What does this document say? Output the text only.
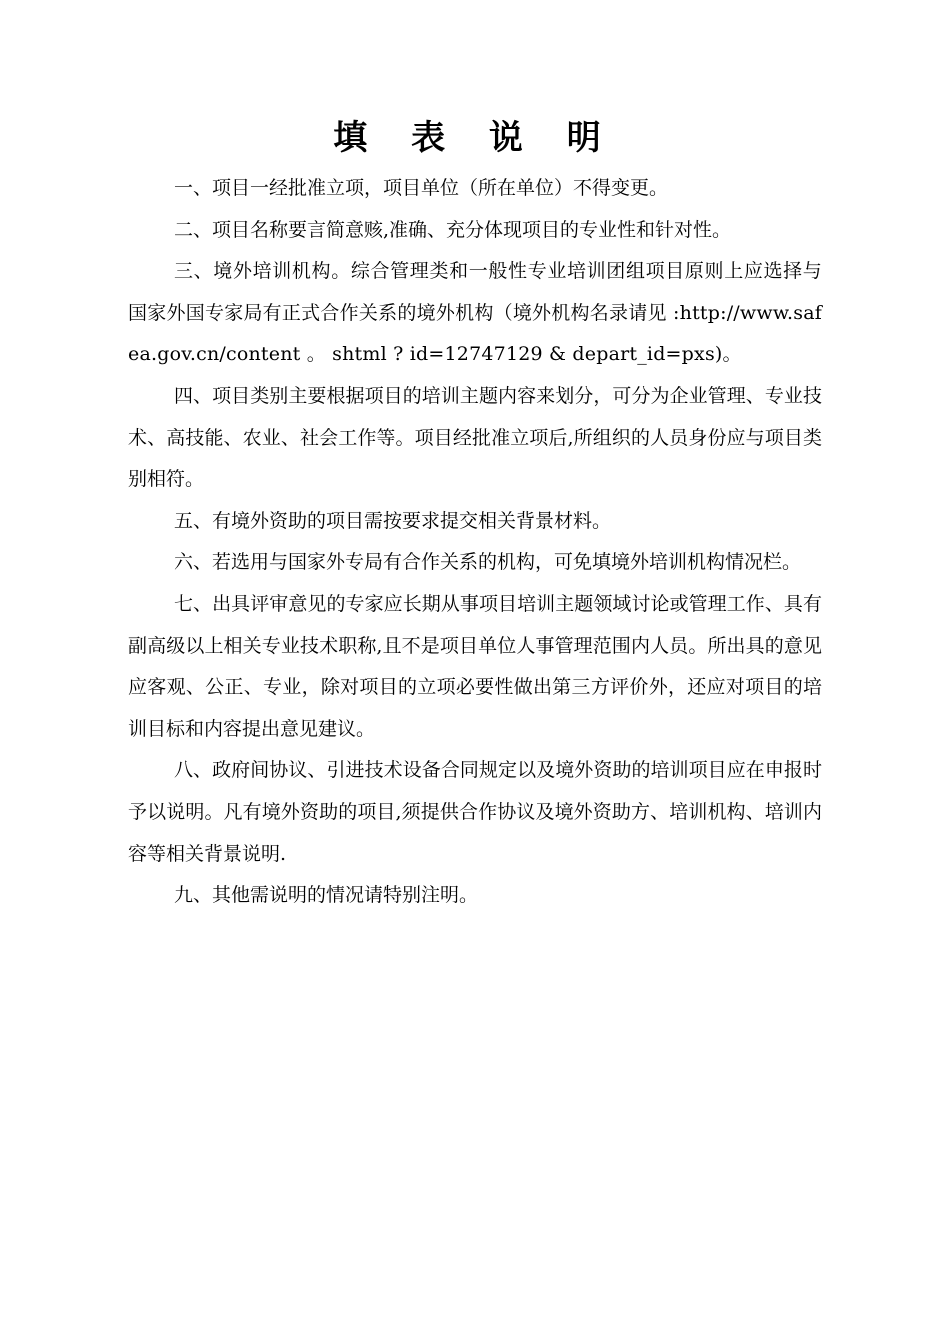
填 表 说 明

一、项目一经批准立项，项目单位（所在单位）不得变更。

二、项目名称要言简意赅,准确、充分体现项目的专业性和针对性。

三、境外培训机构。综合管理类和一般性专业培训团组项目原则上应选择与国家外国专家局有正式合作关系的境外机构（境外机构名录请见 :http://www.safea.gov.cn/content 。 shtml ? id=12747129 & depart_id=pxs)。

四、项目类别主要根据项目的培训主题内容来划分，可分为企业管理、专业技术、高技能、农业、社会工作等。项目经批准立项后,所组织的人员身份应与项目类别相符。

五、有境外资助的项目需按要求提交相关背景材料。

六、若选用与国家外专局有合作关系的机构，可免填境外培训机构情况栏。

七、出具评审意见的专家应长期从事项目培训主题领域讨论或管理工作、具有副高级以上相关专业技术职称,且不是项目单位人事管理范围内人员。所出具的意见应客观、公正、专业，除对项目的立项必要性做出第三方评价外，还应对项目的培训目标和内容提出意见建议。

八、政府间协议、引进技术设备合同规定以及境外资助的培训项目应在申报时予以说明。凡有境外资助的项目,须提供合作协议及境外资助方、培训机构、培训内容等相关背景说明.

九、其他需说明的情况请特别注明。
